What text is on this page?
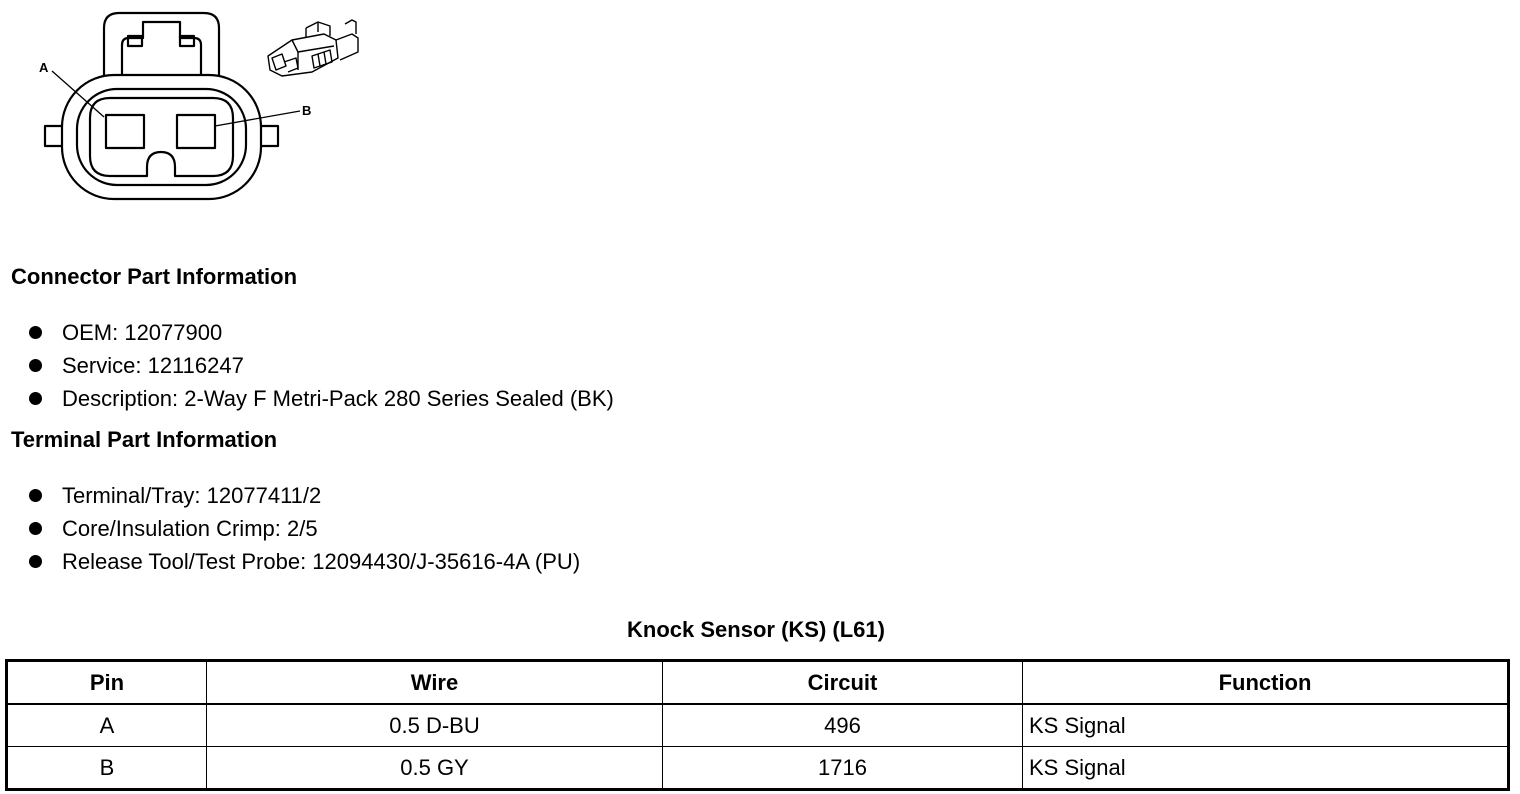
A
B
Connector Part Information
OEM: 12077900
Service: 12116247
Description: 2-Way F Metri-Pack 280 Series Sealed (BK)
Terminal Part Information
Terminal/Tray: 12077411/2
Core/Insulation Crimp: 2/5
Release Tool/Test Probe: 12094430/J-35616-4A (PU)
Knock Sensor (KS) (L61)
Pin	Wire	Circuit	Function
A	0.5 D-BU	496	KS Signal
B	0.5 GY	1716	KS Signal
